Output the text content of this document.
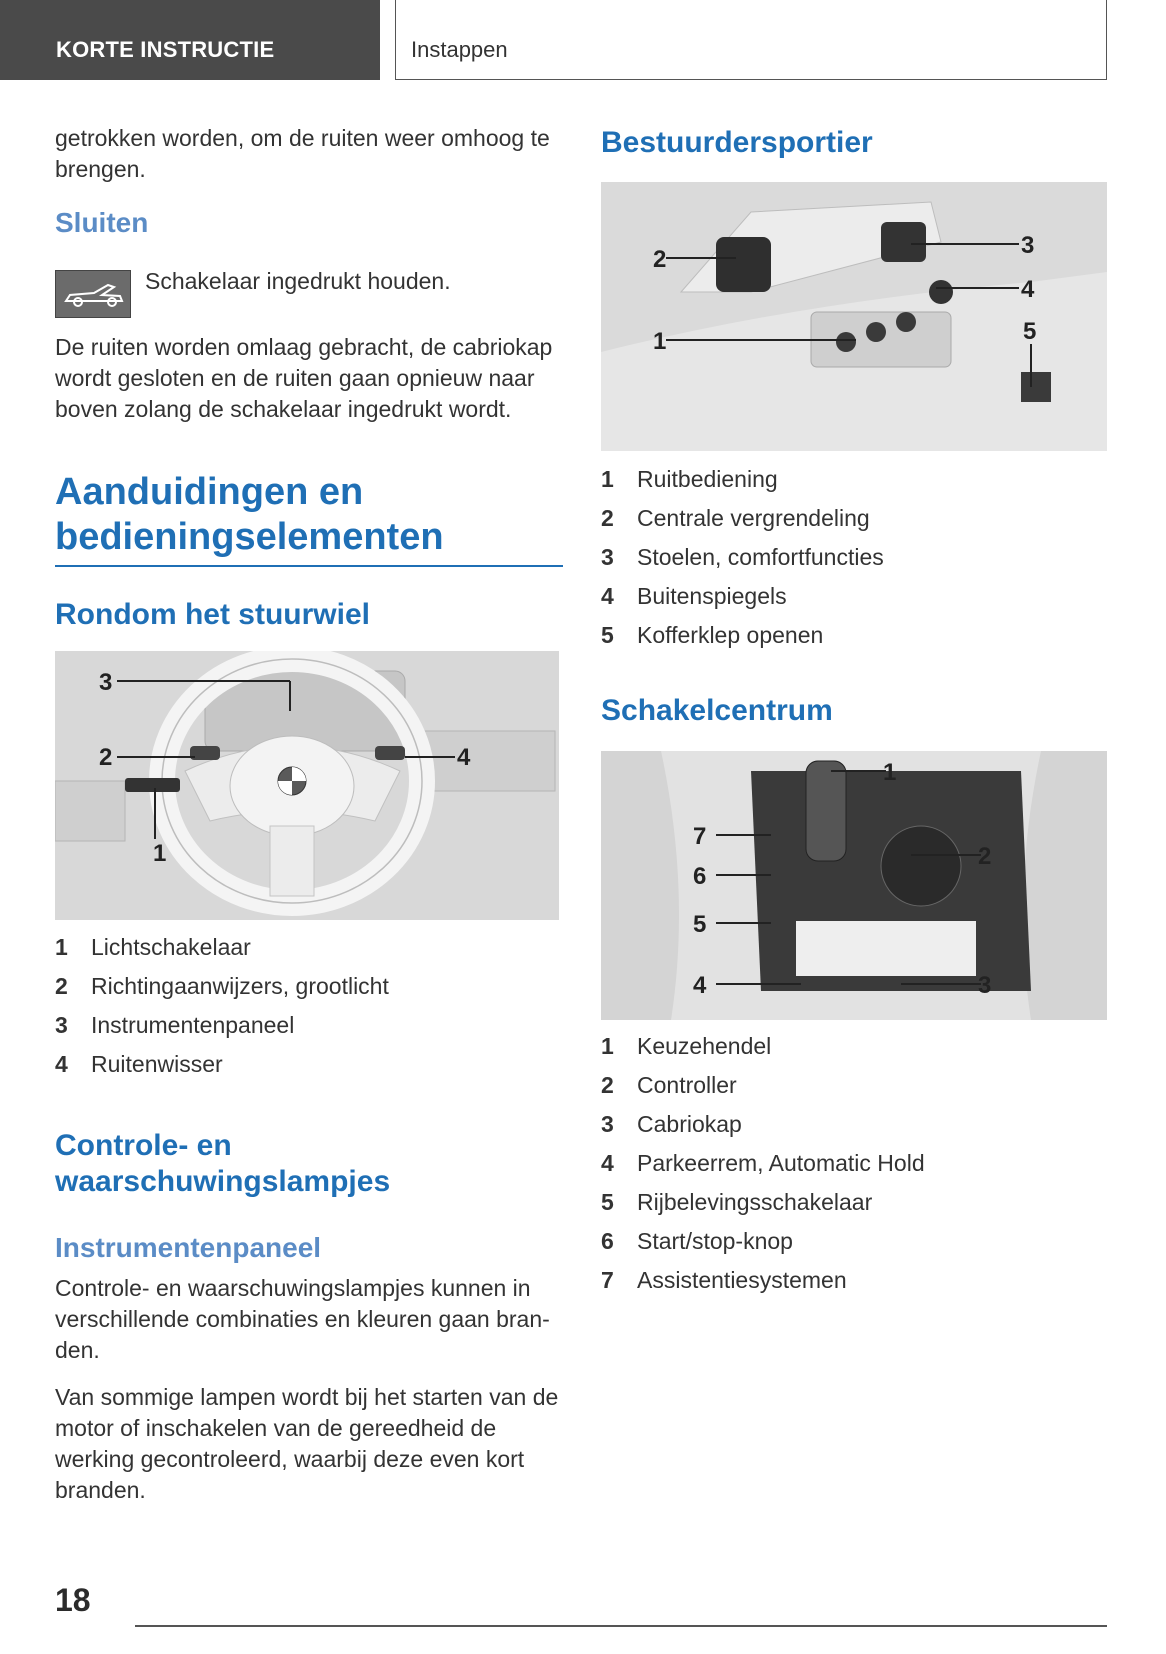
KORTE INSTRUCTIE	Instappen

getrokken worden, om de ruiten weer omhoog te brengen.

Sluiten

Schakelaar ingedrukt houden.

De ruiten worden omlaag gebracht, de cabriokap wordt gesloten en de ruiten gaan opnieuw naar boven zolang de schakelaar ingedrukt wordt.

Aanduidingen en
bedieningselementen
Rondom het stuurwiel
1
2
3
4
1	Lichtschakelaar
2	Richtingaanwijzers, grootlicht
3	Instrumentenpaneel
4	Ruitenwisser
Controle- en
waarschuwingslampjes
Instrumentenpaneel

Controle- en waarschuwingslampjes kunnen in verschillende combinaties en kleuren gaan bran-den.

Van sommige lampen wordt bij het starten van de motor of inschakelen van de gereedheid de werking gecontroleerd, waarbij deze even kort branden.

Bestuurdersportier
1
2
3
4
5
1	Ruitbediening
2	Centrale vergrendeling
3	Stoelen, comfortfuncties
4	Buitenspiegels
5	Kofferklep openen
Schakelcentrum
1
2
3
4
5
6
7
1	Keuzehendel
2	Controller
3	Cabriokap
4	Parkeerrem, Automatic Hold
5	Rijbelevingsschakelaar
6	Start/stop-knop
7	Assistentiesystemen
18
